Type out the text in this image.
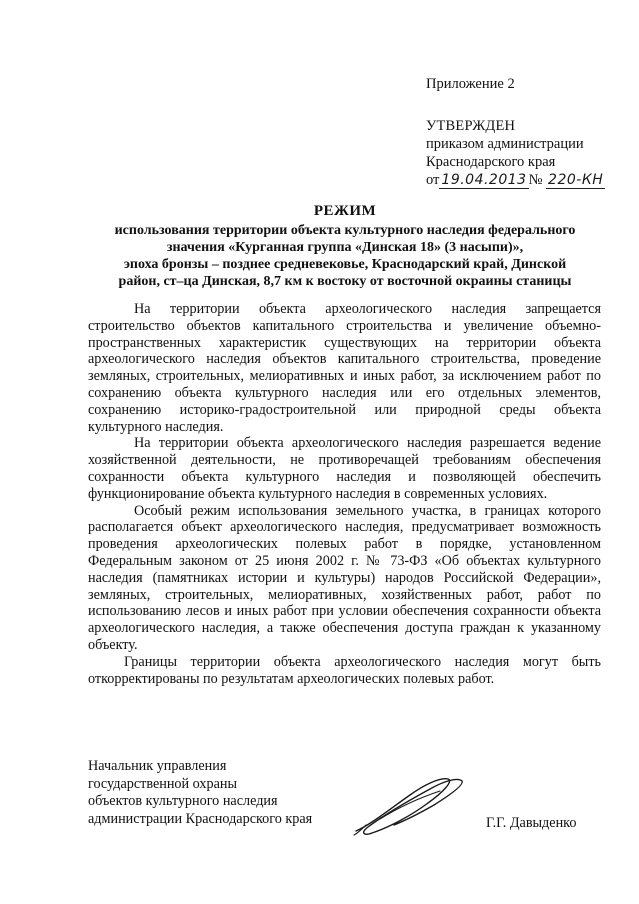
Приложение 2
УТВЕРЖДЕН
приказом администрации
Краснодарского края
от 19.04.2013 № 220-КН
РЕЖИМ
использования территории объекта культурного наследия федерального
значения «Курганная группа «Динская 18» (3 насыпи)»,
эпоха бронзы – позднее средневековье, Краснодарский край, Динской
район, ст–ца Динская, 8,7 км к востоку от восточной окраины станицы

На территории объекта археологического наследия запрещается строительство объектов капитального строительства и увеличение объемно-пространственных характеристик существующих на территории объекта археологического наследия объектов капитального строительства, проведение земляных, строительных, мелиоративных и иных работ, за исключением работ по сохранению объекта культурного наследия или его отдельных элементов, сохранению историко-градостроительной или природной среды объекта культурного наследия.

На территории объекта археологического наследия разрешается ведение хозяйственной деятельности, не противоречащей требованиям обеспечения сохранности объекта культурного наследия и позволяющей обеспечить функционирование объекта культурного наследия в современных условиях.

Особый режим использования земельного участка, в границах которого располагается объект археологического наследия, предусматривает возможность проведения археологических полевых работ в порядке, установленном Федеральным законом от 25 июня 2002 г. № 73-ФЗ «Об объектах культурного наследия (памятниках истории и культуры) народов Российской Федерации», земляных, строительных, мелиоративных, хозяйственных работ, работ по использованию лесов и иных работ при условии обеспечения сохранности объекта археологического наследия, а также обеспечения доступа граждан к указанному объекту.

Границы территории объекта археологического наследия могут быть откорректированы по результатам археологических полевых работ.

Начальник управления
государственной охраны
объектов культурного наследия
администрации Краснодарского края	Г.Г. Давыденко
